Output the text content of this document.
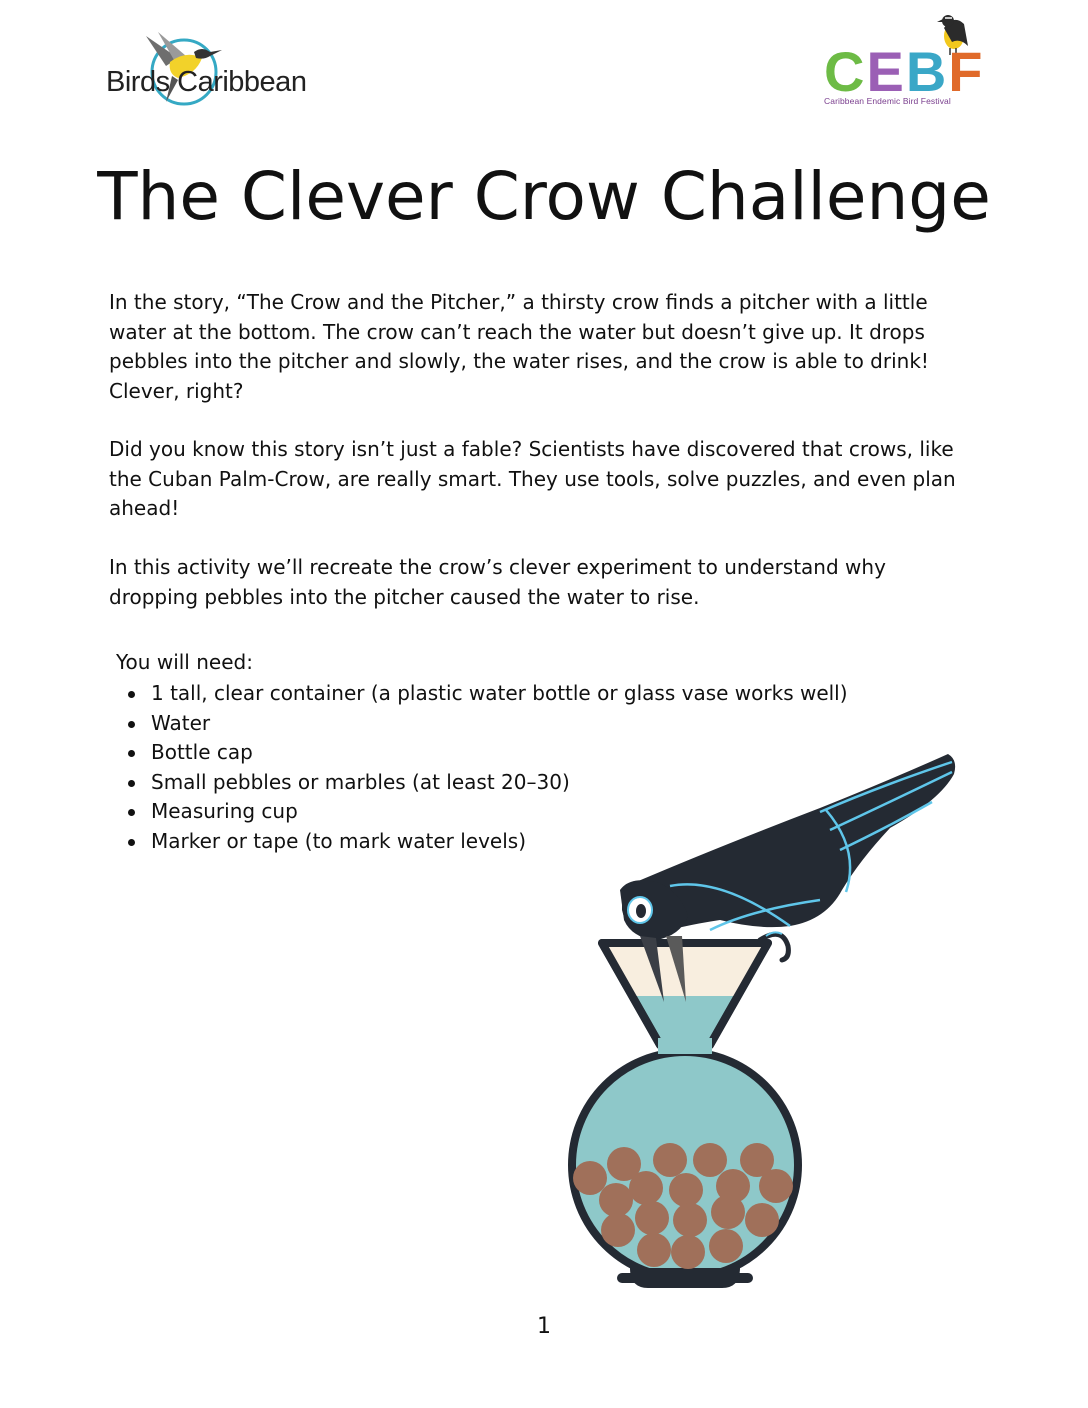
Birds Caribbean	CEBF
Caribbean Endemic Bird Festival
The Clever Crow Challenge

In the story, “The Crow and the Pitcher,” a thirsty crow finds a pitcher with a little water at the bottom. The crow can’t reach the water but doesn’t give up. It drops pebbles into the pitcher and slowly, the water rises, and the crow is able to drink! Clever, right?

Did you know this story isn’t just a fable? Scientists have discovered that crows, like the Cuban Palm-Crow, are really smart. They use tools, solve puzzles, and even plan ahead!

In this activity we’ll recreate the crow’s clever experiment to understand why dropping pebbles into the pitcher caused the water to rise.

You will need:
1 tall, clear container (a plastic water bottle or glass vase works well)
Water
Bottle cap
Small pebbles or marbles (at least 20–30)
Measuring cup
Marker or tape (to mark water levels)
1
